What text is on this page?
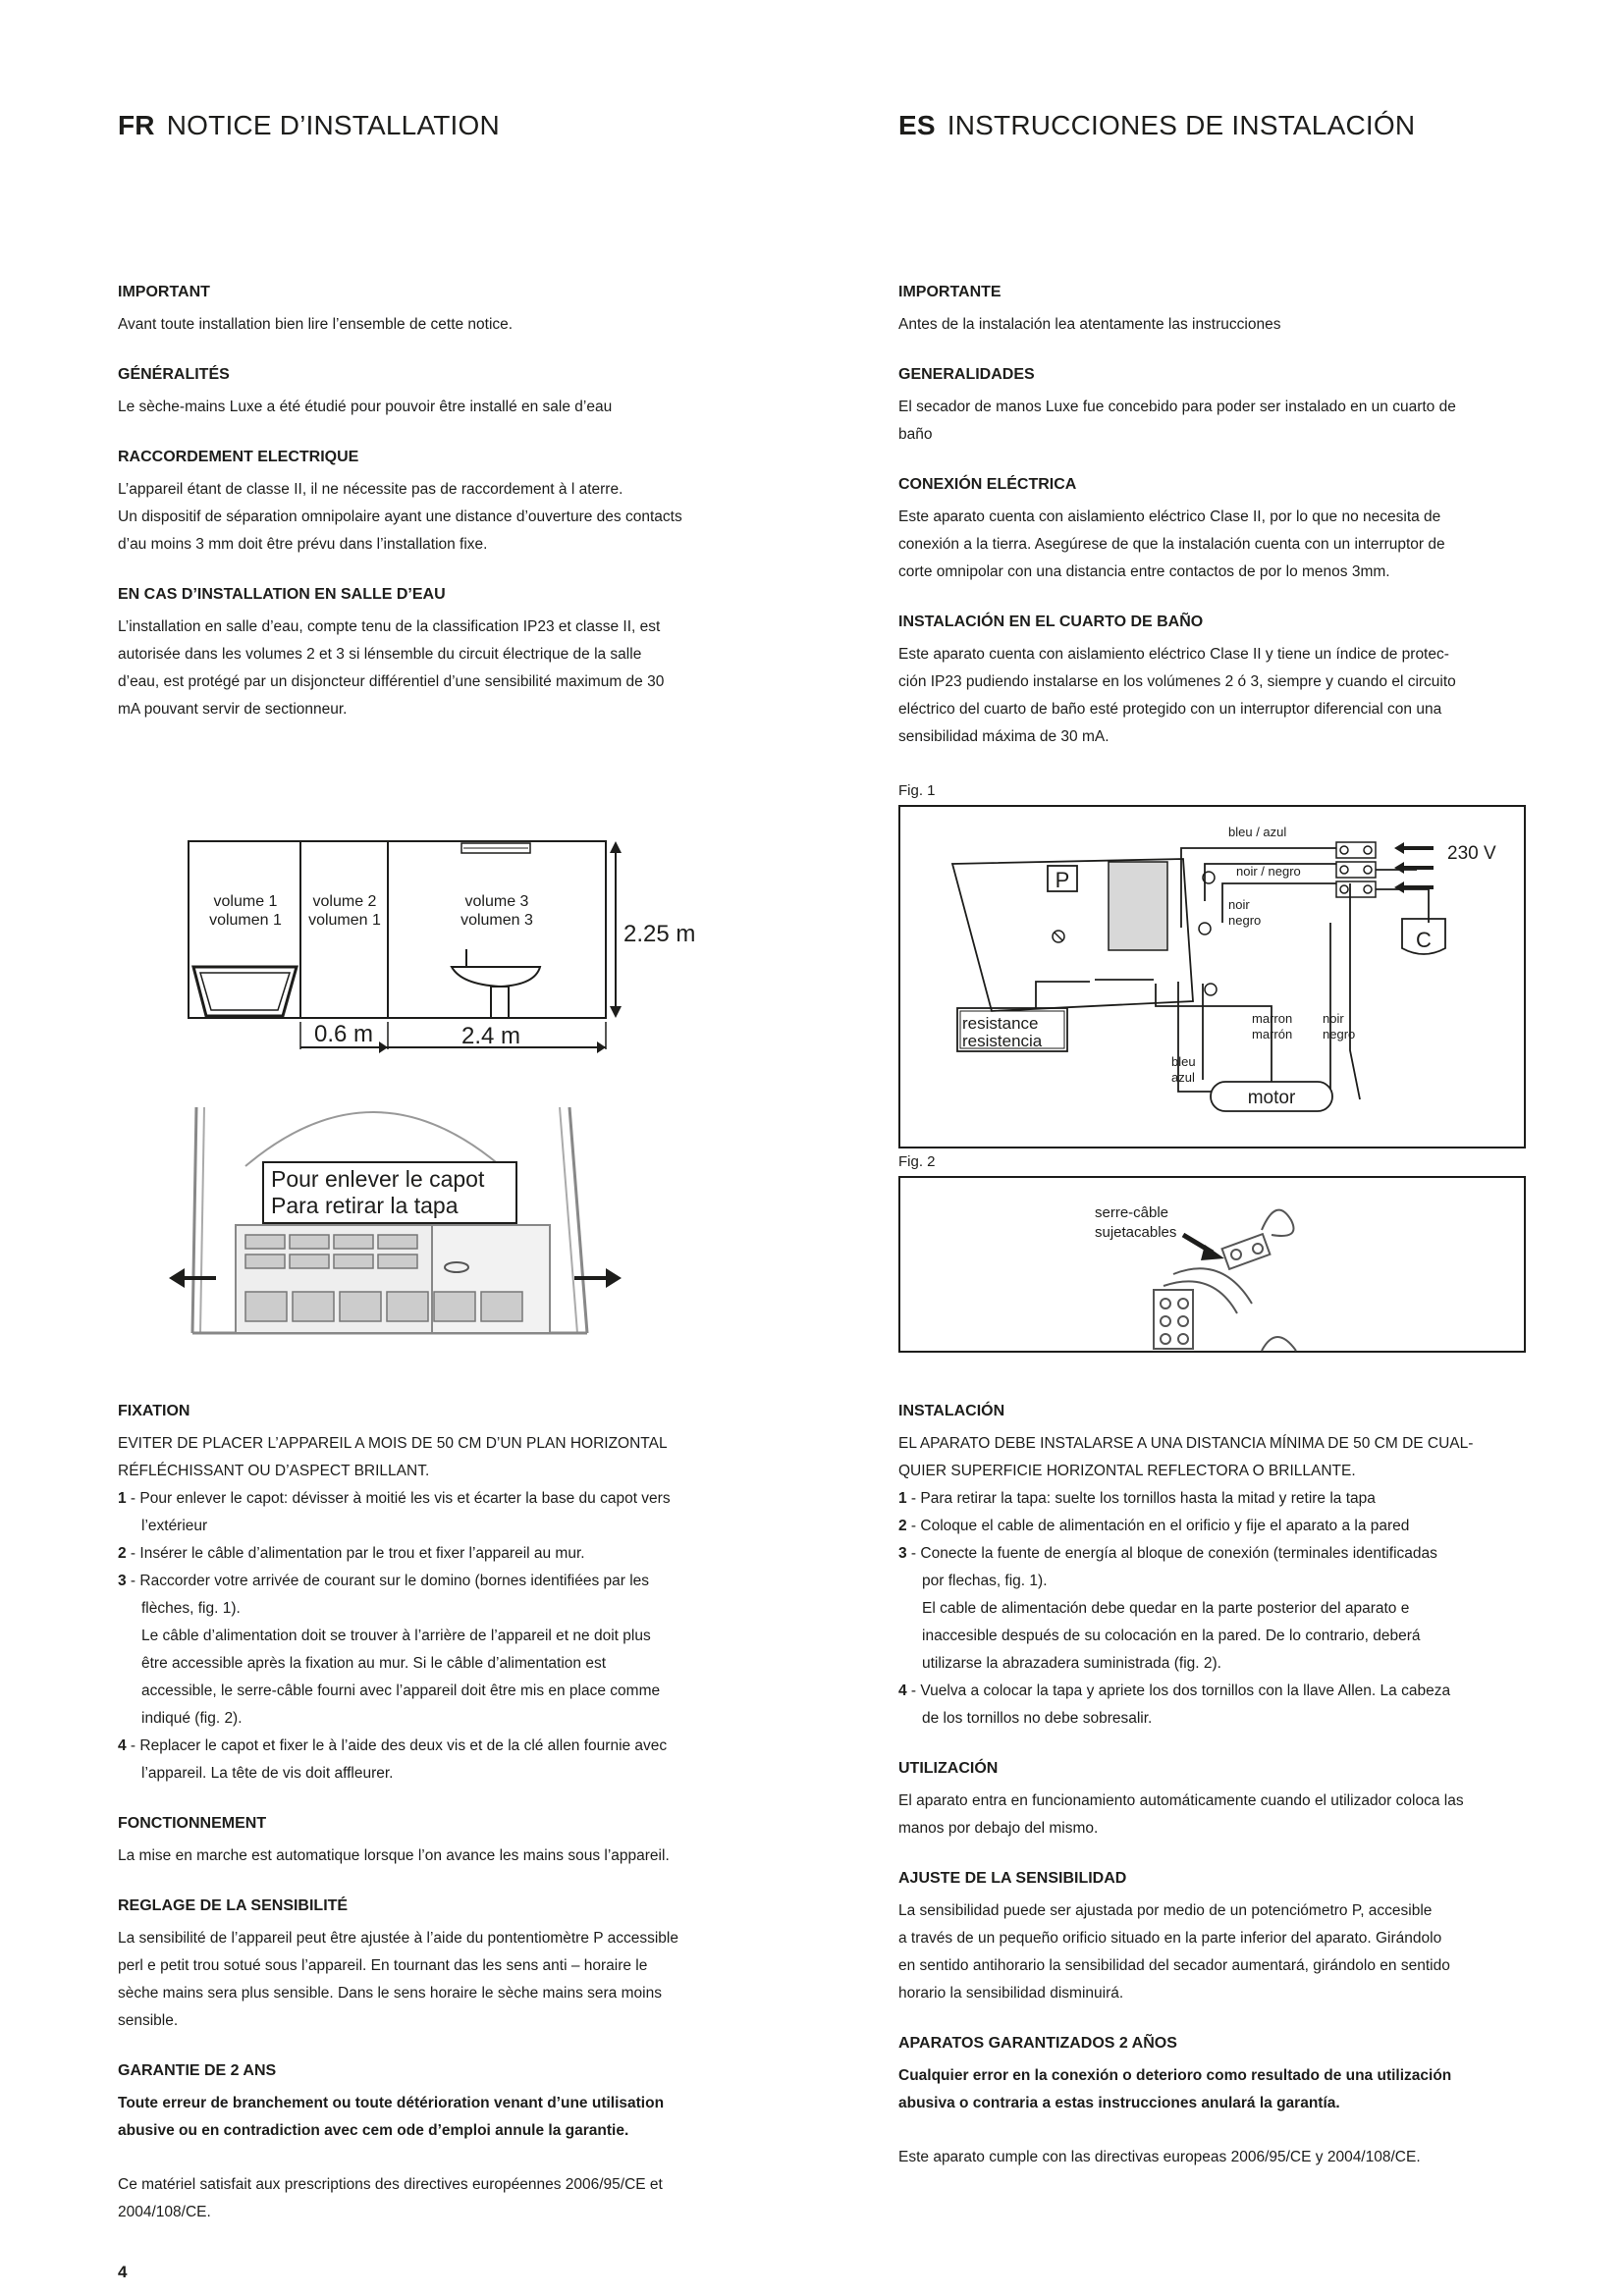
FR NOTICE D’INSTALLATION	ES INSTRUCCIONES DE INSTALACIÓN
IMPORTANT

Avant toute installation bien lire l’ensemble de cette notice.

GÉNÉRALITÉS

Le sèche-mains Luxe a été étudié pour pouvoir être installé en sale d’eau

RACCORDEMENT ELECTRIQUE

L’appareil étant de classe II, il ne nécessite pas de raccordement à l aterre.

Un dispositif de séparation omnipolaire ayant une distance d’ouverture des contacts

d’au moins 3 mm doit être prévu dans l’installation fixe.

EN CAS D’INSTALLATION EN SALLE D’EAU

L’installation en salle d’eau, compte tenu de la classification IP23 et classe II, est

autorisée dans les volumes 2 et 3 si lénsemble du circuit électrique de la salle

d’eau, est protégé par un disjoncteur différentiel d’une sensibilité maximum de 30

mA pouvant servir de sectionneur.

IMPORTANTE

Antes de la instalación lea atentamente las instrucciones

GENERALIDADES

El secador de manos Luxe fue concebido para poder ser instalado en un cuarto de

baño

CONEXIÓN ELÉCTRICA

Este aparato cuenta con aislamiento eléctrico Clase II, por lo que no necesita de

conexión a la tierra. Asegúrese de que la instalación cuenta con un interruptor de

corte omnipolar con una distancia entre contactos de por lo menos 3mm.

INSTALACIÓN EN EL CUARTO DE BAÑO

Este aparato cuenta con aislamiento eléctrico Clase II y tiene un índice de protec-

ción IP23 pudiendo instalarse en los volúmenes 2 ó 3, siempre y cuando el circuito

eléctrico del cuarto de baño esté protegido con un interruptor diferencial con una

sensibilidad máxima de 30 mA.

volume 1
volumen 1
volume 2
volumen 1
volume 3
volumen 3
2.25 m
0.6 m	2.4 m
Pour enlever le capot
Para retirar la tapa
Fig. 1
P
230 V
C
bleu / azul
noir / negro
noir
negro
resistance
resistencia
marron
marrón
noir
negro
bleu
azul
motor
Fig. 2
serre-câble
sujetacables
FIXATION

EVITER DE PLACER L’APPAREIL A MOIS DE 50 CM D’UN PLAN HORIZONTAL

RÉFLÉCHISSANT OU D’ASPECT BRILLANT.

1 - Pour enlever le capot: dévisser à moitié les vis et écarter la base du capot vers

l’extérieur

2 - Insérer le câble d’alimentation par le trou et fixer l’appareil au mur.

3 - Raccorder votre arrivée de courant sur le domino (bornes identifiées par les

flèches, fig. 1).

Le câble d’alimentation doit se trouver à l’arrière de l’appareil et ne doit plus

être accessible après la fixation au mur. Si le câble d’alimentation est

accessible, le serre-câble fourni avec l’appareil doit être mis en place comme

indiqué (fig. 2).

4 - Replacer le capot et fixer le à l’aide des deux vis et de la clé allen fournie avec

l’appareil. La tête de vis doit affleurer.

FONCTIONNEMENT

La mise en marche est automatique lorsque l’on avance les mains sous l’appareil.

REGLAGE DE LA SENSIBILITÉ

La sensibilité de l’appareil peut être ajustée à l’aide du pontentiomètre P accessible

perl e petit trou sotué sous l’appareil. En tournant das les sens anti – horaire le

sèche mains sera plus sensible. Dans le sens horaire le sèche mains sera moins

sensible.

GARANTIE DE 2 ANS

Toute erreur de branchement ou toute détérioration venant d’une utilisation

abusive ou en contradiction avec cem ode d’emploi annule la garantie.

Ce matériel satisfait aux prescriptions des directives européennes 2006/95/CE et

2004/108/CE.

INSTALACIÓN

EL APARATO DEBE INSTALARSE A UNA DISTANCIA MÍNIMA DE 50 CM DE CUAL-

QUIER SUPERFICIE HORIZONTAL REFLECTORA O BRILLANTE.

1 - Para retirar la tapa: suelte los tornillos hasta la mitad y retire la tapa

2 - Coloque el cable de alimentación en el orificio y fije el aparato a la pared

3 - Conecte la fuente de energía al bloque de conexión (terminales identificadas

por flechas, fig. 1).

El cable de alimentación debe quedar en la parte posterior del aparato e

inaccesible después de su colocación en la pared. De lo contrario, deberá

utilizarse la abrazadera suministrada (fig. 2).

4 - Vuelva a colocar la tapa y apriete los dos tornillos con la llave Allen. La cabeza

de los tornillos no debe sobresalir.

UTILIZACIÓN

El aparato entra en funcionamiento automáticamente cuando el utilizador coloca las

manos por debajo del mismo.

AJUSTE DE LA SENSIBILIDAD

La sensibilidad puede ser ajustada por medio de un potenciómetro P, accesible

a través de un pequeño orificio situado en la parte inferior del aparato. Girándolo

en sentido antihorario la sensibilidad del secador aumentará, girándolo en sentido

horario la sensibilidad disminuirá.

APARATOS GARANTIZADOS 2 AÑOS

Cualquier error en la conexión o deterioro como resultado de una utilización

abusiva o contraria a estas instrucciones anulará la garantía.

Este aparato cumple con las directivas europeas 2006/95/CE y 2004/108/CE.

4
